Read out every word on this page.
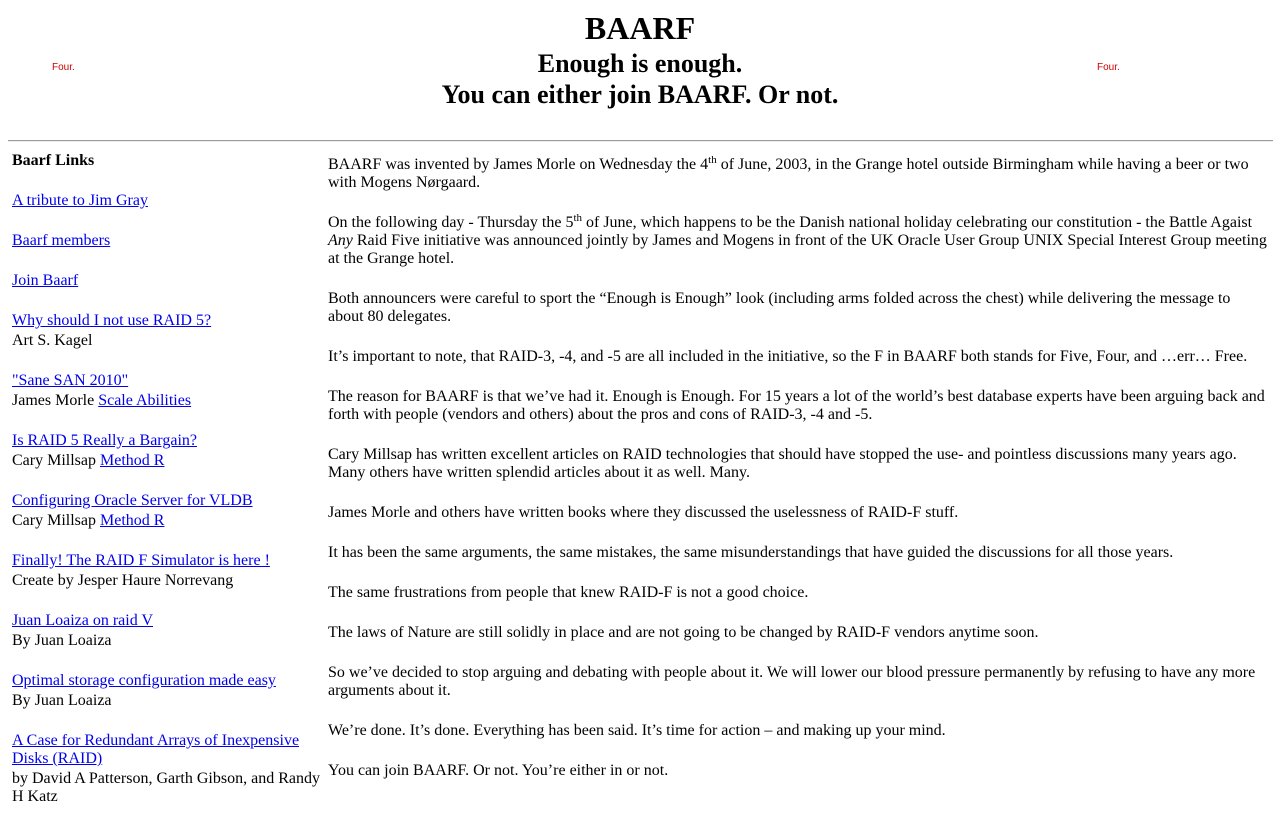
Four.	Four.
BAARF
Enough is enough.
You can either join BAARF. Or not.
Baarf Links
A tribute to Jim Gray
Baarf members
Join Baarf
Why should I not use RAID 5?
Art S. Kagel
"Sane SAN 2010"
James Morle Scale Abilities
Is RAID 5 Really a Bargain?
Cary Millsap Method R
Configuring Oracle Server for VLDB
Cary Millsap Method R
Finally! The RAID F Simulator is here !
Create by Jesper Haure Norrevang
Juan Loaiza on raid V
By Juan Loaiza
Optimal storage configuration made easy
By Juan Loaiza
A Case for Redundant Arrays of Inexpensive Disks (RAID)
by David A Patterson, Garth Gibson, and Randy H Katz

BAARF was invented by James Morle on Wednesday the 4th of June, 2003, in the Grange hotel outside Birmingham while having a beer or two with Mogens Nørgaard.

On the following day - Thursday the 5th of June, which happens to be the Danish national holiday celebrating our constitution - the Battle Agaist Any Raid Five initiative was announced jointly by James and Mogens in front of the UK Oracle User Group UNIX Special Interest Group meeting at the Grange hotel.

Both announcers were careful to sport the “Enough is Enough” look (including arms folded across the chest) while delivering the message to about 80 delegates.

It’s important to note, that RAID-3, -4, and -5 are all included in the initiative, so the F in BAARF both stands for Five, Four, and …err… Free.

The reason for BAARF is that we’ve had it. Enough is Enough. For 15 years a lot of the world’s best database experts have been arguing back and forth with people (vendors and others) about the pros and cons of RAID-3, -4 and -5.

Cary Millsap has written excellent articles on RAID technologies that should have stopped the use- and pointless discussions many years ago. Many others have written splendid articles about it as well. Many.

James Morle and others have written books where they discussed the uselessness of RAID-F stuff.

It has been the same arguments, the same mistakes, the same misunderstandings that have guided the discussions for all those years.

The same frustrations from people that knew RAID-F is not a good choice.

The laws of Nature are still solidly in place and are not going to be changed by RAID-F vendors anytime soon.

So we’ve decided to stop arguing and debating with people about it. We will lower our blood pressure permanently by refusing to have any more arguments about it.

We’re done. It’s done. Everything has been said. It’s time for action – and making up your mind.

You can join BAARF. Or not. You’re either in or not.
